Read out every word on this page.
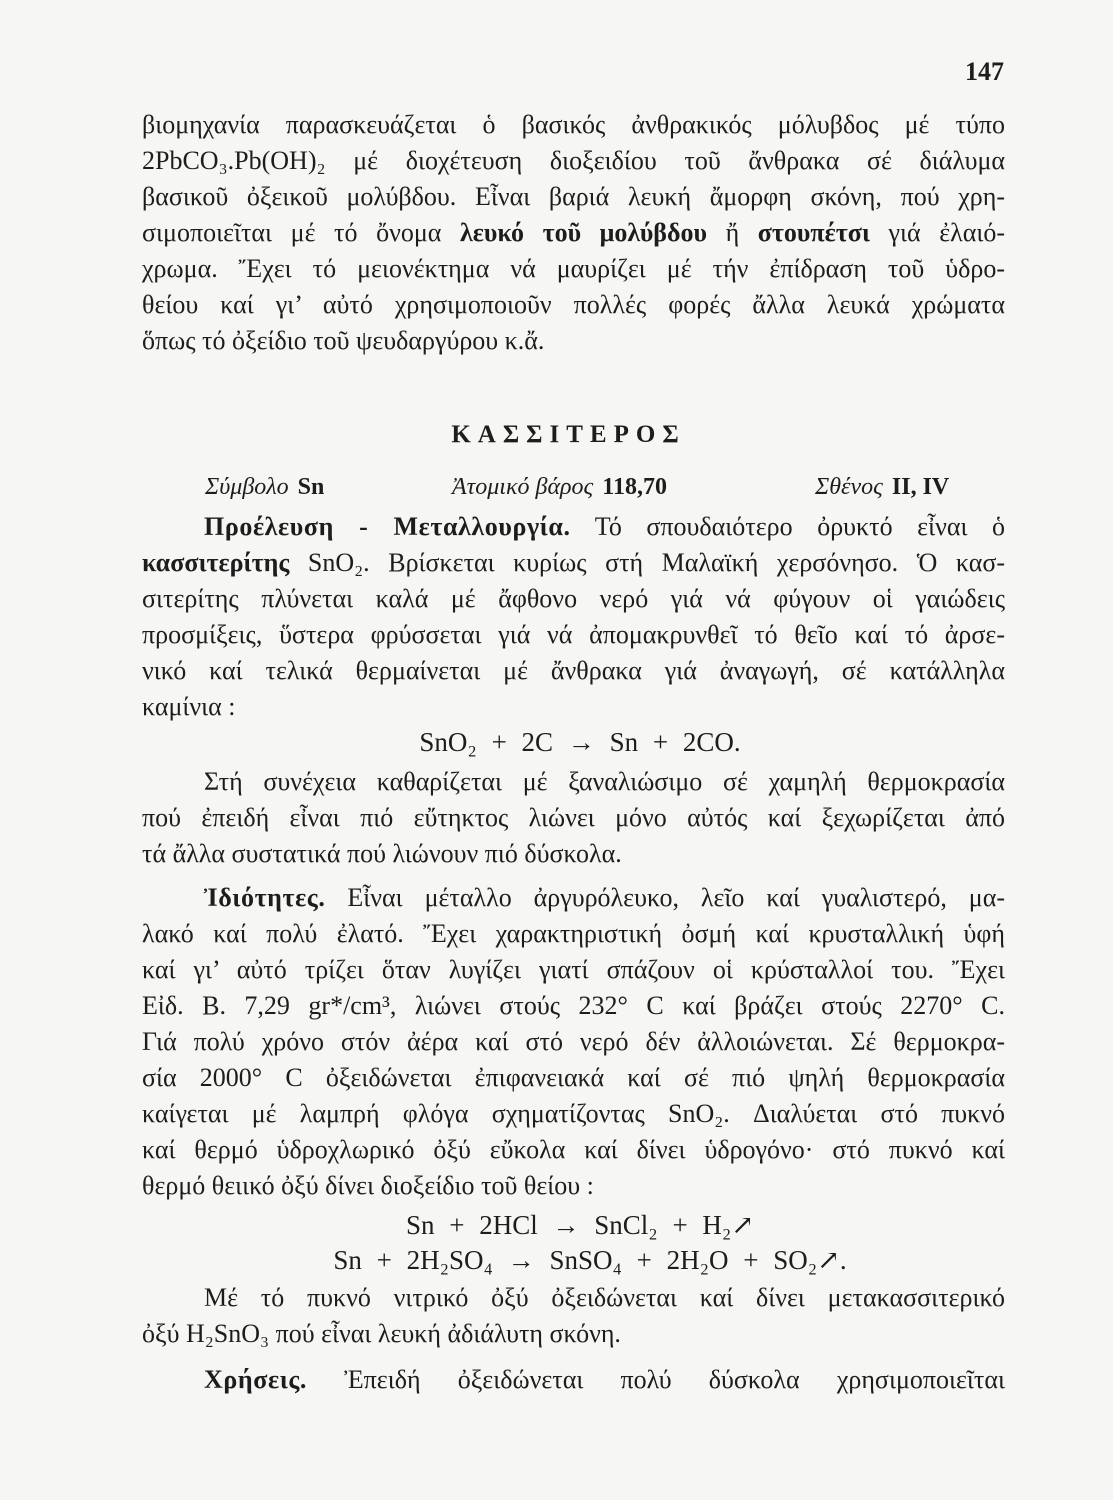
147
βιομηχανία παρασκευάζεται ὁ βασικός ἀνθρακικός μόλυβδος μέ τύπο
2PbCO₃.Pb(OH)₂ μέ διοχέτευση διοξειδίου τοῦ ἄνθρακα σέ διάλυμα
βασικοῦ ὀξεικοῦ μολύβδου. Εἶναι βαριά λευκή ἄμορφη σκόνη, πού χρη-
σιμοποιεῖται μέ τό ὄνομα λευκό τοῦ μολύβδου ἤ στουπέτσι γιά ἐλαιό-
χρωμα. Ἔχει τό μειονέκτημα νά μαυρίζει μέ τήν ἐπίδραση τοῦ ὑδρο-
θείου καί γι’ αὐτό χρησιμοποιοῦν πολλές φορές ἄλλα λευκά χρώματα
ὅπως τό ὀξείδιο τοῦ ψευδαργύρου κ.ἄ.
ΚΑΣΣΙΤΕΡΟΣ
Σύμβολο Sn	Ἀτομικό βάρος 118,70	Σθένος II, IV
Προέλευση - Μεταλλουργία. Τό σπουδαιότερο ὀρυκτό εἶναι ὁ
κασσιτερίτης SnO₂. Βρίσκεται κυρίως στή Μαλαϊκή χερσόνησο. Ὁ κασ-
σιτερίτης πλύνεται καλά μέ ἄφθονο νερό γιά νά φύγουν οἱ γαιώδεις
προσμίξεις, ὕστερα φρύσσεται γιά νά ἀπομακρυνθεῖ τό θεῖο καί τό ἀρσε-
νικό καί τελικά θερμαίνεται μέ ἄνθρακα γιά ἀναγωγή, σέ κατάλληλα
καμίνια :
SnO₂ + 2C → Sn + 2CO.
Στή συνέχεια καθαρίζεται μέ ξαναλιώσιμο σέ χαμηλή θερμοκρασία
πού ἐπειδή εἶναι πιό εὔτηκτος λιώνει μόνο αὐτός καί ξεχωρίζεται ἀπό
τά ἄλλα συστατικά πού λιώνουν πιό δύσκολα.
Ἰδιότητες. Εἶναι μέταλλο ἀργυρόλευκο, λεῖο καί γυαλιστερό, μα-
λακό καί πολύ ἐλατό. Ἔχει χαρακτηριστική ὀσμή καί κρυσταλλική ὑφή
καί γι’ αὐτό τρίζει ὅταν λυγίζει γιατί σπάζουν οἱ κρύσταλλοί του. Ἔχει
Εἰδ. Β. 7,29 gr*/cm³, λιώνει στούς 232° C καί βράζει στούς 2270° C.
Γιά πολύ χρόνο στόν ἀέρα καί στό νερό δέν ἀλλοιώνεται. Σέ θερμοκρα-
σία 2000° C ὀξειδώνεται ἐπιφανειακά καί σέ πιό ψηλή θερμοκρασία
καίγεται μέ λαμπρή φλόγα σχηματίζοντας SnO₂. Διαλύεται στό πυκνό
καί θερμό ὑδροχλωρικό ὀξύ εὔκολα καί δίνει ὑδρογόνο· στό πυκνό καί
θερμό θειικό ὀξύ δίνει διοξείδιο τοῦ θείου :
Sn + 2HCl → SnCl₂ + H₂↗
Sn + 2H₂SO₄ → SnSO₄ + 2H₂O + SO₂↗.
Μέ τό πυκνό νιτρικό ὀξύ ὀξειδώνεται καί δίνει μετακασσιτερικό
ὀξύ H₂SnO₃ πού εἶναι λευκή ἀδιάλυτη σκόνη.
Χρήσεις. Ἐπειδή ὀξειδώνεται πολύ δύσκολα χρησιμοποιεῖται
